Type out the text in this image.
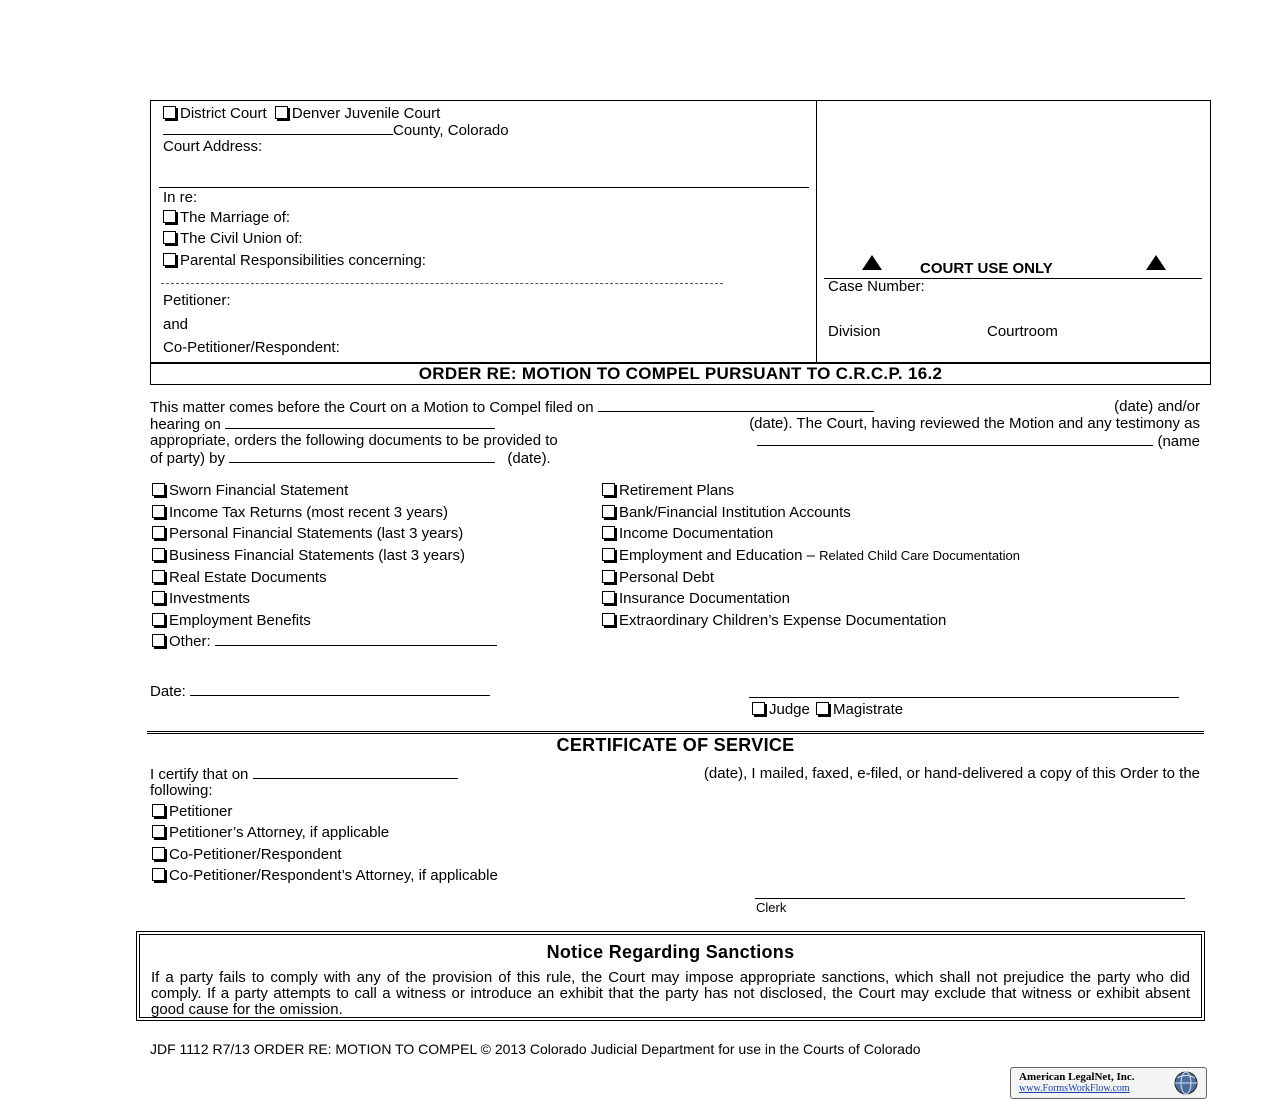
District Court Denver Juvenile Court
County, Colorado
Court Address:
In re:
The Marriage of:
The Civil Union of:
Parental Responsibilities concerning:
Petitioner:
and
Co-Petitioner/Respondent:
COURT USE ONLY
Case Number:
Division	Courtroom
ORDER RE: MOTION TO COMPEL PURSUANT TO C.R.C.P. 16.2
This matter comes before the Court on a Motion to Compel filed on	(date) and/or
hearing on	(date). The Court, having reviewed the Motion and any testimony as
appropriate, orders the following documents to be provided to	(name
of party) by	(date).
Sworn Financial Statement
Income Tax Returns (most recent 3 years)
Personal Financial Statements (last 3 years)
Business Financial Statements (last 3 years)
Real Estate Documents
Investments
Employment Benefits
Other:
Retirement Plans
Bank/Financial Institution Accounts
Income Documentation
Employment and Education – Related Child Care Documentation
Personal Debt
Insurance Documentation
Extraordinary Children’s Expense Documentation
Date:
Judge Magistrate
CERTIFICATE OF SERVICE
I certify that on	(date), I mailed, faxed, e-filed, or hand-delivered a copy of this Order to the
following:
Petitioner
Petitioner’s Attorney, if applicable
Co-Petitioner/Respondent
Co-Petitioner/Respondent’s Attorney, if applicable
Clerk
Notice Regarding Sanctions
If a party fails to comply with any of the provision of this rule, the Court may impose appropriate sanctions, which shall not prejudice the party who did comply. If a party attempts to call a witness or introduce an exhibit that the party has not disclosed, the Court may exclude that witness or exhibit absent good cause for the omission.
JDF 1112 R7/13 ORDER RE: MOTION TO COMPEL © 2013 Colorado Judicial Department for use in the Courts of Colorado
American LegalNet, Inc.
www.FormsWorkFlow.com
